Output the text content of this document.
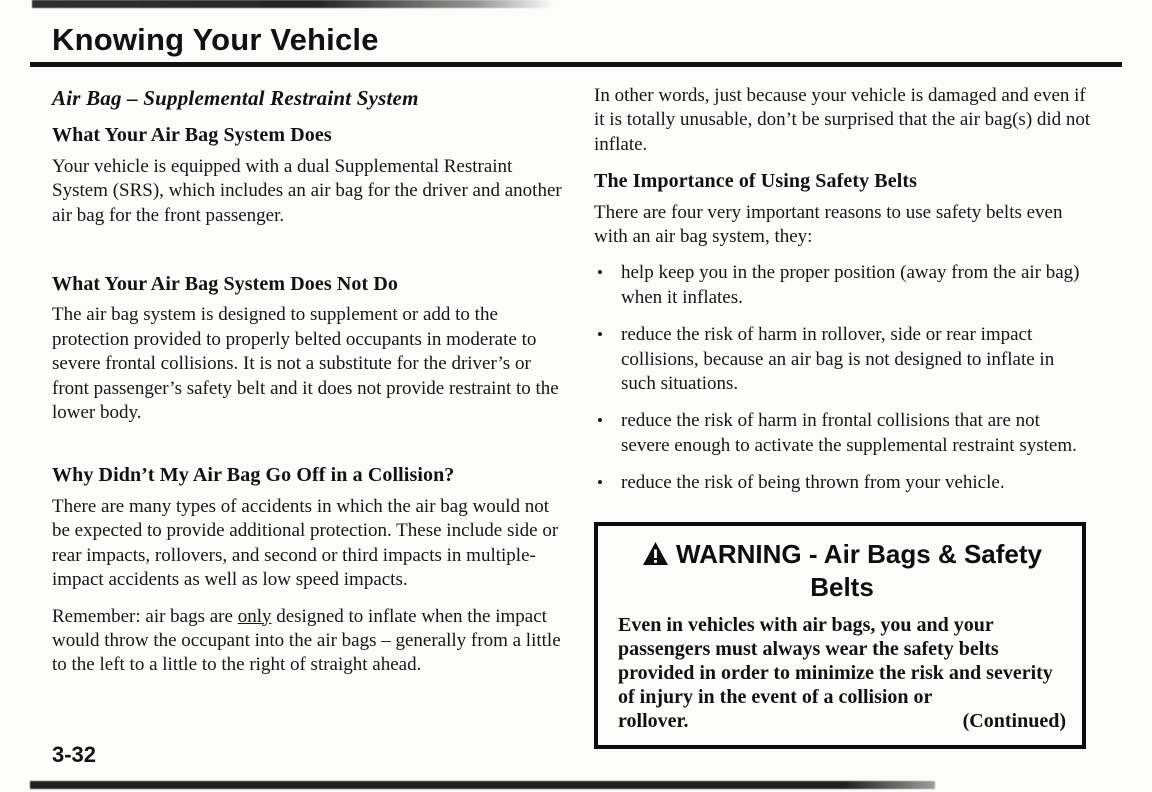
Knowing Your Vehicle
Air Bag – Supplemental Restraint System
What Your Air Bag System Does

Your vehicle is equipped with a dual Supplemental Restraint System (SRS), which includes an air bag for the driver and another air bag for the front passenger.

What Your Air Bag System Does Not Do

The air bag system is designed to supplement or add to the protection provided to properly belted occupants in moderate to severe frontal collisions. It is not a substitute for the driver’s or front passenger’s safety belt and it does not provide restraint to the lower body.

Why Didn’t My Air Bag Go Off in a Collision?

There are many types of accidents in which the air bag would not be expected to provide additional protection. These include side or rear impacts, rollovers, and second or third impacts in multiple-impact accidents as well as low speed impacts.

Remember: air bags are only designed to inflate when the impact would throw the occupant into the air bags – generally from a little to the left to a little to the right of straight ahead.

In other words, just because your vehicle is damaged and even if it is totally unusable, don’t be surprised that the air bag(s) did not inflate.

The Importance of Using Safety Belts

There are four very important reasons to use safety belts even with an air bag system, they:

• help keep you in the proper position (away from the air bag) when it inflates.
• reduce the risk of harm in rollover, side or rear impact collisions, because an air bag is not designed to inflate in such situations.
• reduce the risk of harm in frontal collisions that are not severe enough to activate the supplemental restraint system.
• reduce the risk of being thrown from your vehicle.
WARNING - Air Bags & Safety
Belts
Even in vehicles with air bags, you and your passengers must always wear the safety belts provided in order to minimize the risk and severity of injury in the event of a collision or
rollover.	(Continued)
3-32
